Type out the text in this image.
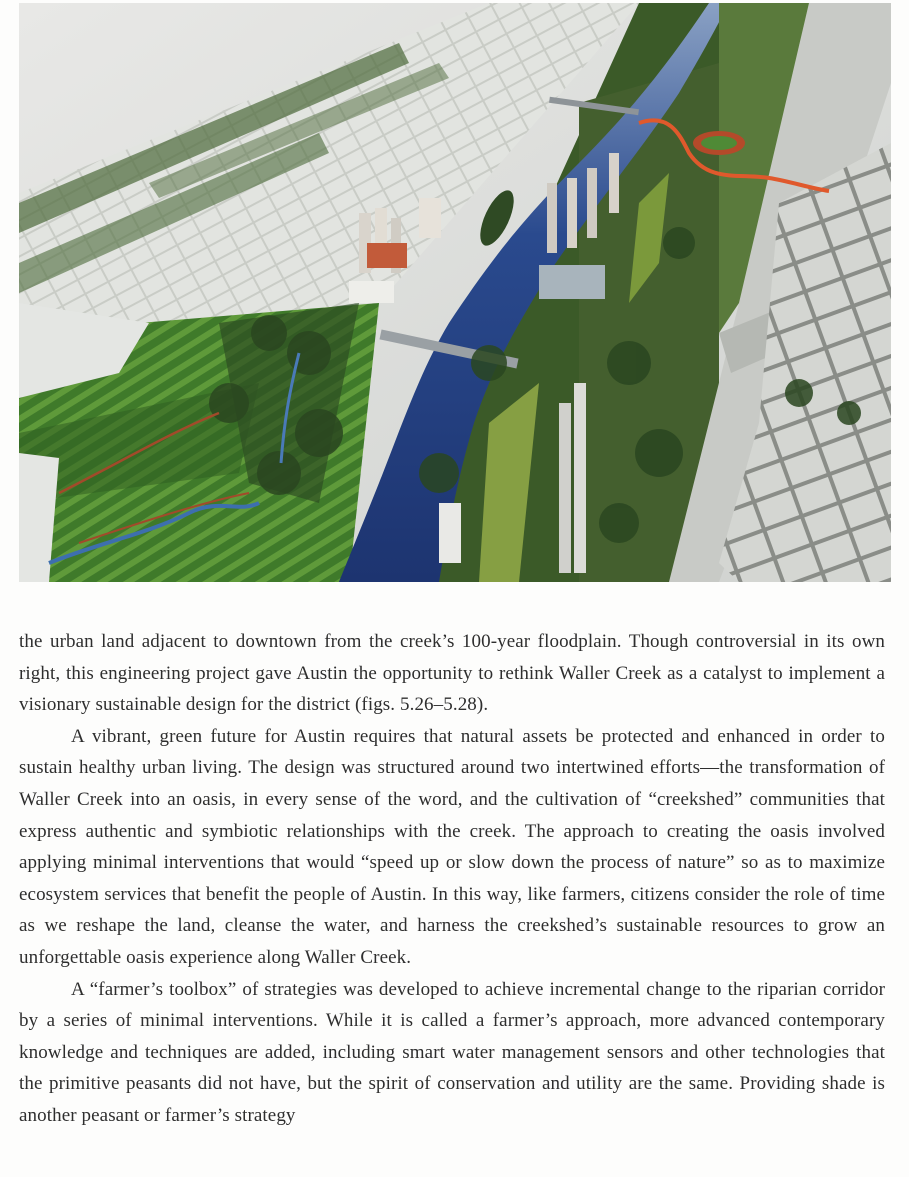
the urban land adjacent to downtown from the creek’s 100-year floodplain. Though controversial in its own right, this engineering project gave Austin the opportunity to rethink Waller Creek as a catalyst to implement a visionary sustainable design for the district (figs. 5.26–5.28).

A vibrant, green future for Austin requires that natural assets be protected and enhanced in order to sustain healthy urban living. The design was structured around two intertwined efforts—the transformation of Waller Creek into an oasis, in every sense of the word, and the cultivation of “creekshed” communities that express authentic and symbiotic relationships with the creek. The approach to creating the oasis involved applying minimal interventions that would “speed up or slow down the process of nature” so as to maximize ecosystem services that benefit the people of Austin. In this way, like farmers, citizens consider the role of time as we reshape the land, cleanse the water, and harness the creekshed’s sustainable resources to grow an unforgettable oasis experience along Waller Creek.

A “farmer’s toolbox” of strategies was developed to achieve incremental change to the riparian corridor by a series of minimal interventions. While it is called a farmer’s approach, more advanced contemporary knowledge and techniques are added, including smart water management sensors and other technologies that the primitive peasants did not have, but the spirit of conservation and utility are the same. Providing shade is another peasant or farmer’s strategy
